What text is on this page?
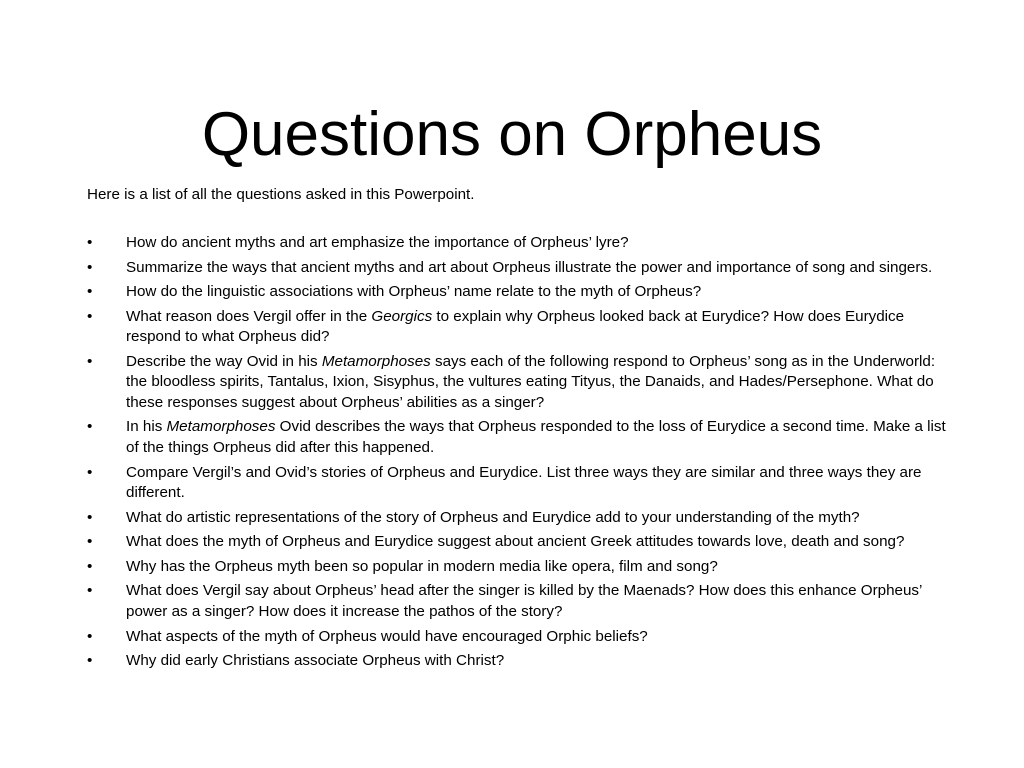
Questions on Orpheus

Here is a list of all the questions asked in this Powerpoint.

•	How do ancient myths and art emphasize the importance of Orpheus’ lyre?
•	Summarize the ways that ancient myths and art about Orpheus illustrate the power and importance of song and singers.
•	How do the linguistic associations with Orpheus’ name relate to the myth of Orpheus?
•	What reason does Vergil offer in the Georgics to explain why Orpheus looked back at Eurydice? How does Eurydice respond to what Orpheus did?
•	Describe the way Ovid in his Metamorphoses says each of the following respond to Orpheus’ song as in the Underworld: the bloodless spirits, Tantalus, Ixion, Sisyphus, the vultures eating Tityus, the Danaids, and Hades/Persephone. What do these responses suggest about Orpheus’ abilities as a singer?
•	In his Metamorphoses Ovid describes the ways that Orpheus responded to the loss of Eurydice a second time. Make a list of the things Orpheus did after this happened.
•	Compare Vergil’s and Ovid’s stories of Orpheus and Eurydice. List three ways they are similar and three ways they are different.
•	What do artistic representations of the story of Orpheus and Eurydice add to your understanding of the myth?
•	What does the myth of Orpheus and Eurydice suggest about ancient Greek attitudes towards love, death and song?
•	Why has the Orpheus myth been so popular in modern media like opera, film and song?
•	What does Vergil say about Orpheus’ head after the singer is killed by the Maenads? How does this enhance Orpheus’ power as a singer? How does it increase the pathos of the story?
•	What aspects of the myth of Orpheus would have encouraged Orphic beliefs?
•	Why did early Christians associate Orpheus with Christ?
